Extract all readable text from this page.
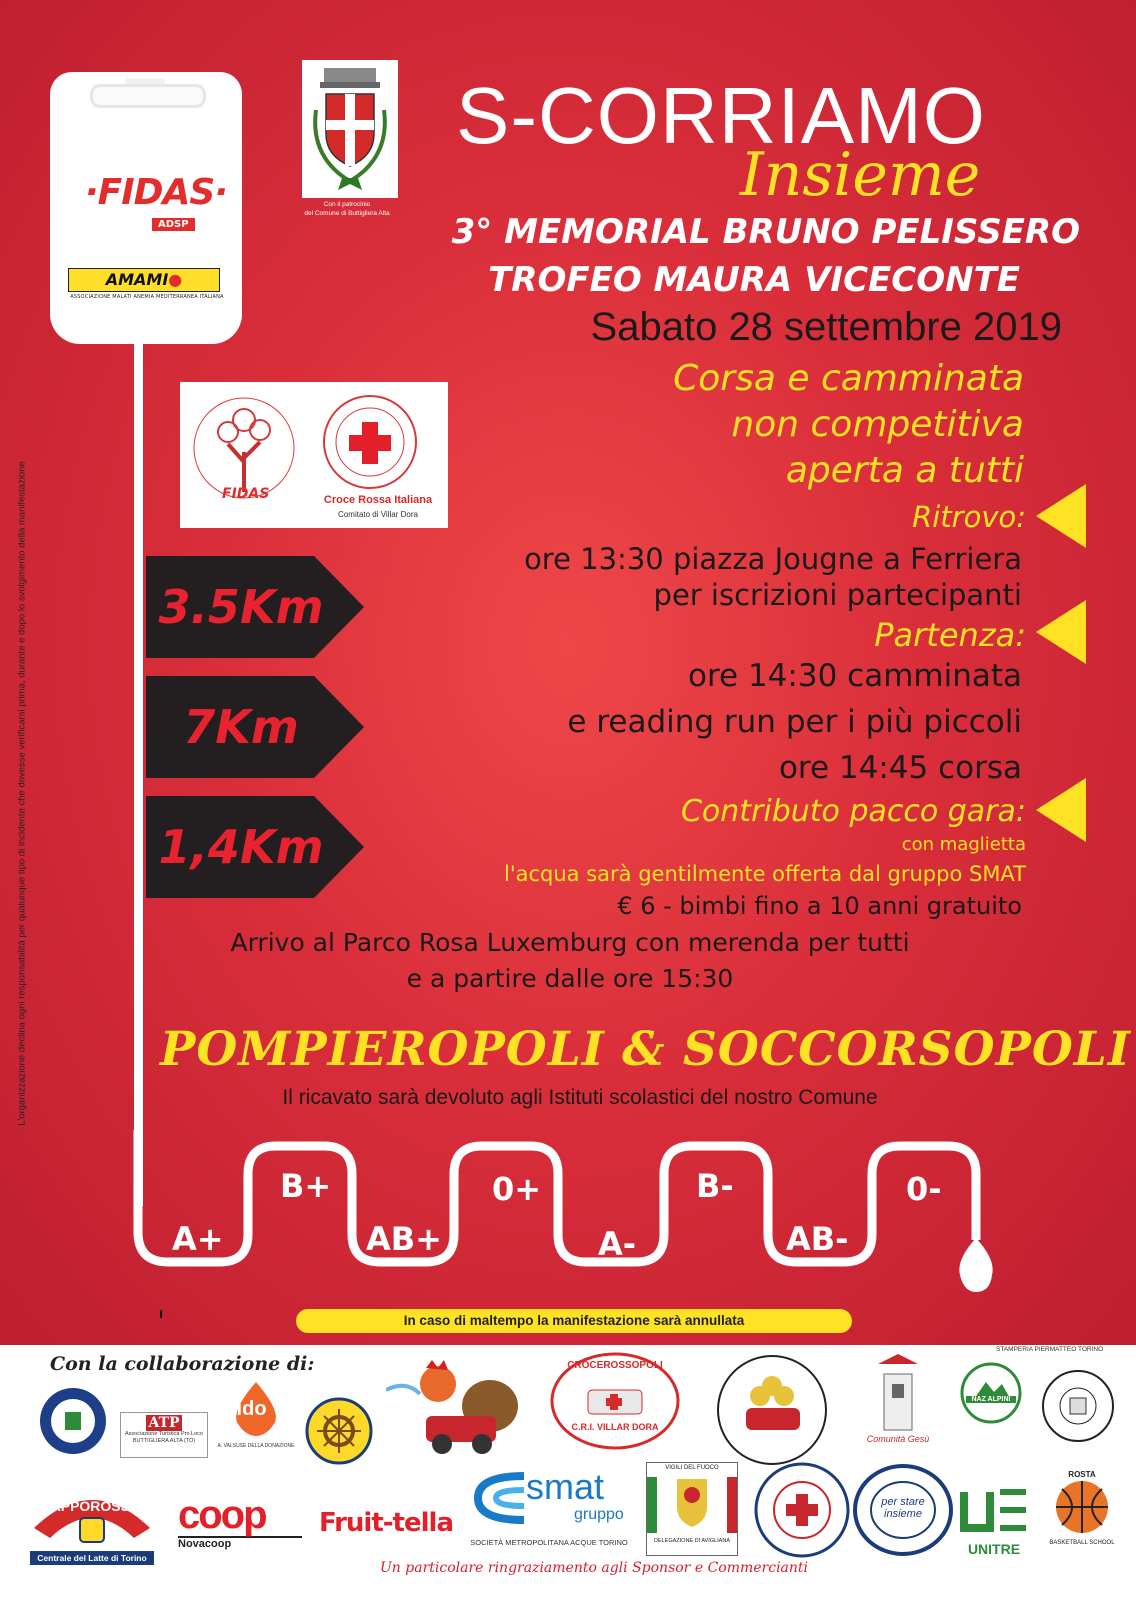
L'organizzazione declina ogni responsabilità per qualunque tipo di incidente che dovesse verificarsi prima, durante e dopo lo svolgimento della manifestazione
·FIDAS·
ADSP
AMAMI●
ASSOCIAZIONE MALATI ANEMIA MEDITERRANEA ITALIANA
A+
B+
AB+
0+
A-
B-
AB-
0-
Con il patrocinio
del Comune di Buttigliera Alta
S-CORRIAMO
Insieme
3° MEMORIAL BRUNO PELISSERO
TROFEO MAURA VICECONTE
Sabato 28 settembre 2019
Corsa e camminata
non competitiva
aperta a tutti
FIDAS	Croce Rossa Italiana
Comitato di Villar Dora	Ritrovo:
ore 13:30 piazza Jougne a Ferriera
per iscrizioni partecipanti
Partenza:
ore 14:30 camminata
e reading run per i più piccoli
ore 14:45 corsa
Contributo pacco gara:
con maglietta
l'acqua sarà gentilmente offerta dal gruppo SMAT
€ 6 - bimbi fino a 10 anni gratuito
3.5Km
7Km
1,4Km
Arrivo al Parco Rosa Luxemburg con merenda per tutti
e a partire dalle ore 15:30
POMPIEROPOLI & SOCCORSOPOLI
Il ricavato sarà devoluto agli Istituti scolastici del nostro Comune
In caso di maltempo la manifestazione sarà annullata
STAMPERIA PIERMATTEO TORINO
Con la collaborazione di:
ATP
Associazione Turistica Pro Loco
BUTTIGLIERA ALTA (TO)
aido
A. VALSUSE DELLA DONAZIONE
CROCEROSSOPOLI
C.R.I. VILLAR DORA
Comunità Gesù
NAZ ALPINI
TAPPOROSSO
Centrale del Latte di Torino
coop
Novacoop
Fruit-tella
smat
gruppo
SOCIETÀ METROPOLITANA ACQUE TORINO
VIGILI DEL FUOCO
DELEGAZIONE DI AVIGLIANA
per stare insieme
UNITRE
ROSTA
BASKETBALL SCHOOL
Un particolare ringraziamento agli Sponsor e Commercianti
